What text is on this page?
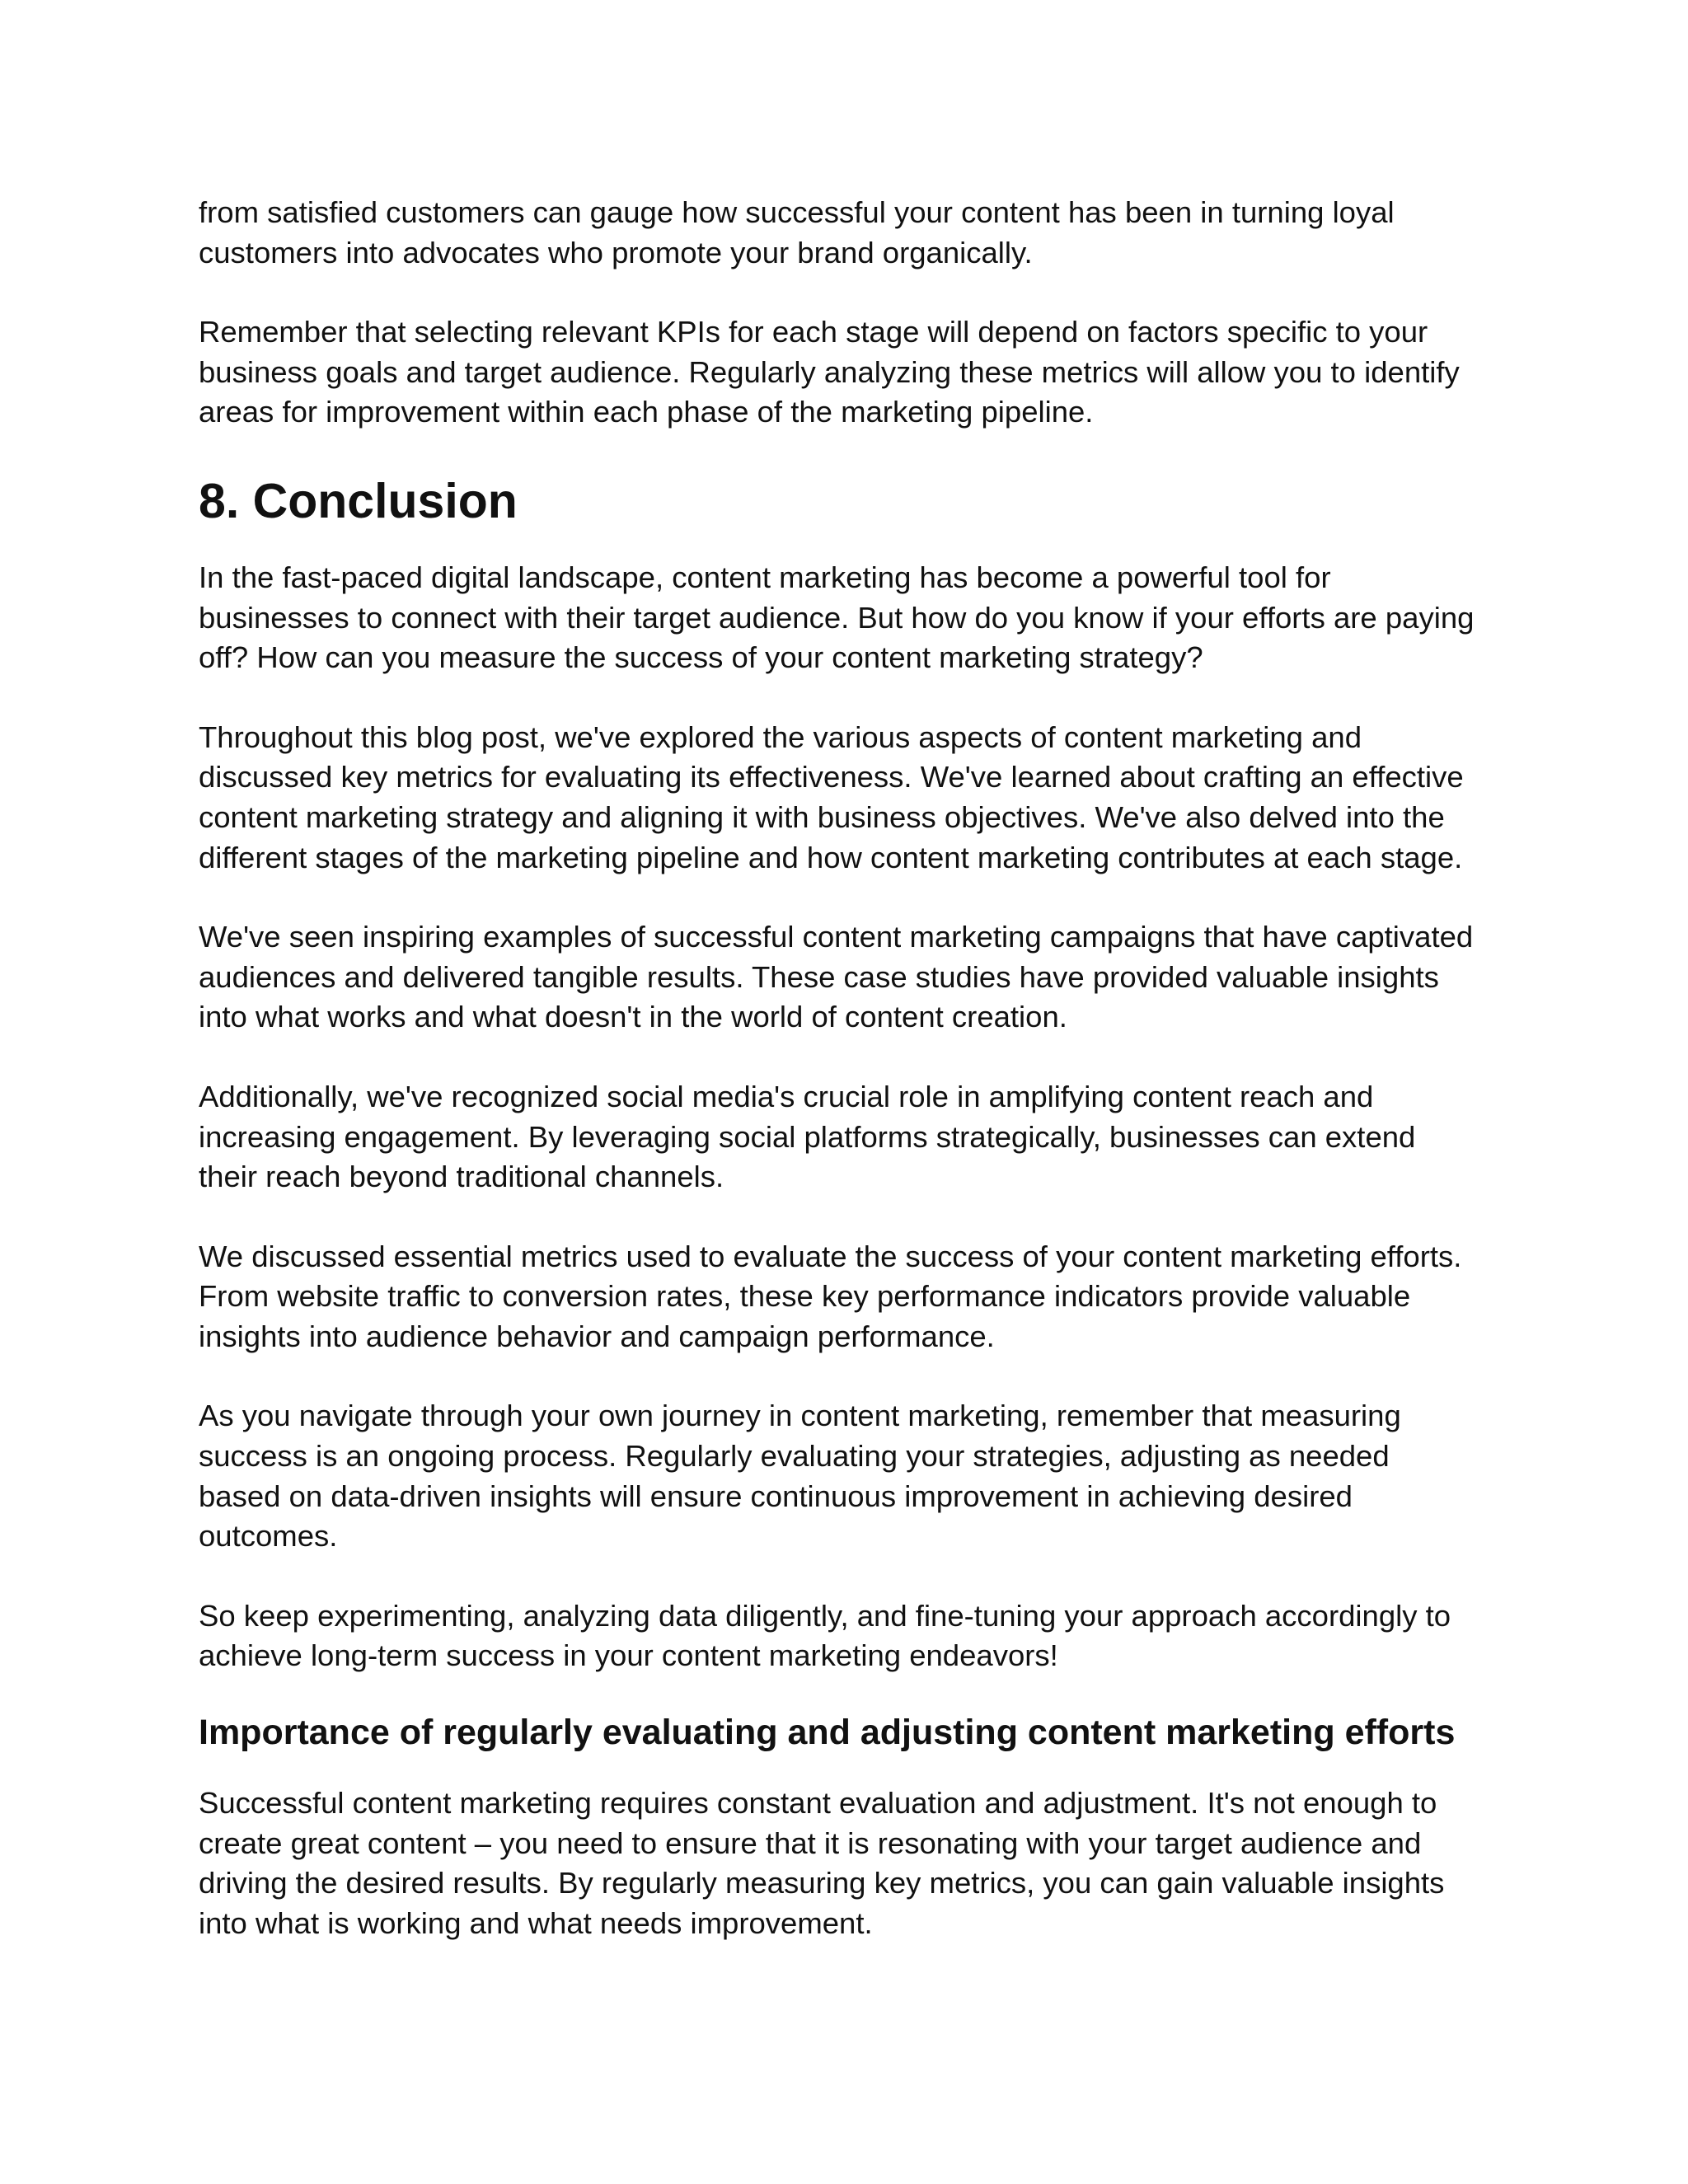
from satisfied customers can gauge how successful your content has been in turning loyal
customers into advocates who promote your brand organically.

Remember that selecting relevant KPIs for each stage will depend on factors specific to your
business goals and target audience. Regularly analyzing these metrics will allow you to identify
areas for improvement within each phase of the marketing pipeline.

8. Conclusion

In the fast-paced digital landscape, content marketing has become a powerful tool for
businesses to connect with their target audience. But how do you know if your efforts are paying
off? How can you measure the success of your content marketing strategy?

Throughout this blog post, we've explored the various aspects of content marketing and
discussed key metrics for evaluating its effectiveness. We've learned about crafting an effective
content marketing strategy and aligning it with business objectives. We've also delved into the
different stages of the marketing pipeline and how content marketing contributes at each stage.

We've seen inspiring examples of successful content marketing campaigns that have captivated
audiences and delivered tangible results. These case studies have provided valuable insights
into what works and what doesn't in the world of content creation.

Additionally, we've recognized social media's crucial role in amplifying content reach and
increasing engagement. By leveraging social platforms strategically, businesses can extend
their reach beyond traditional channels.

We discussed essential metrics used to evaluate the success of your content marketing efforts.
From website traffic to conversion rates, these key performance indicators provide valuable
insights into audience behavior and campaign performance.

As you navigate through your own journey in content marketing, remember that measuring
success is an ongoing process. Regularly evaluating your strategies, adjusting as needed
based on data-driven insights will ensure continuous improvement in achieving desired
outcomes.

So keep experimenting, analyzing data diligently, and fine-tuning your approach accordingly to
achieve long-term success in your content marketing endeavors!

Importance of regularly evaluating and adjusting content marketing efforts

Successful content marketing requires constant evaluation and adjustment. It's not enough to
create great content – you need to ensure that it is resonating with your target audience and
driving the desired results. By regularly measuring key metrics, you can gain valuable insights
into what is working and what needs improvement.
